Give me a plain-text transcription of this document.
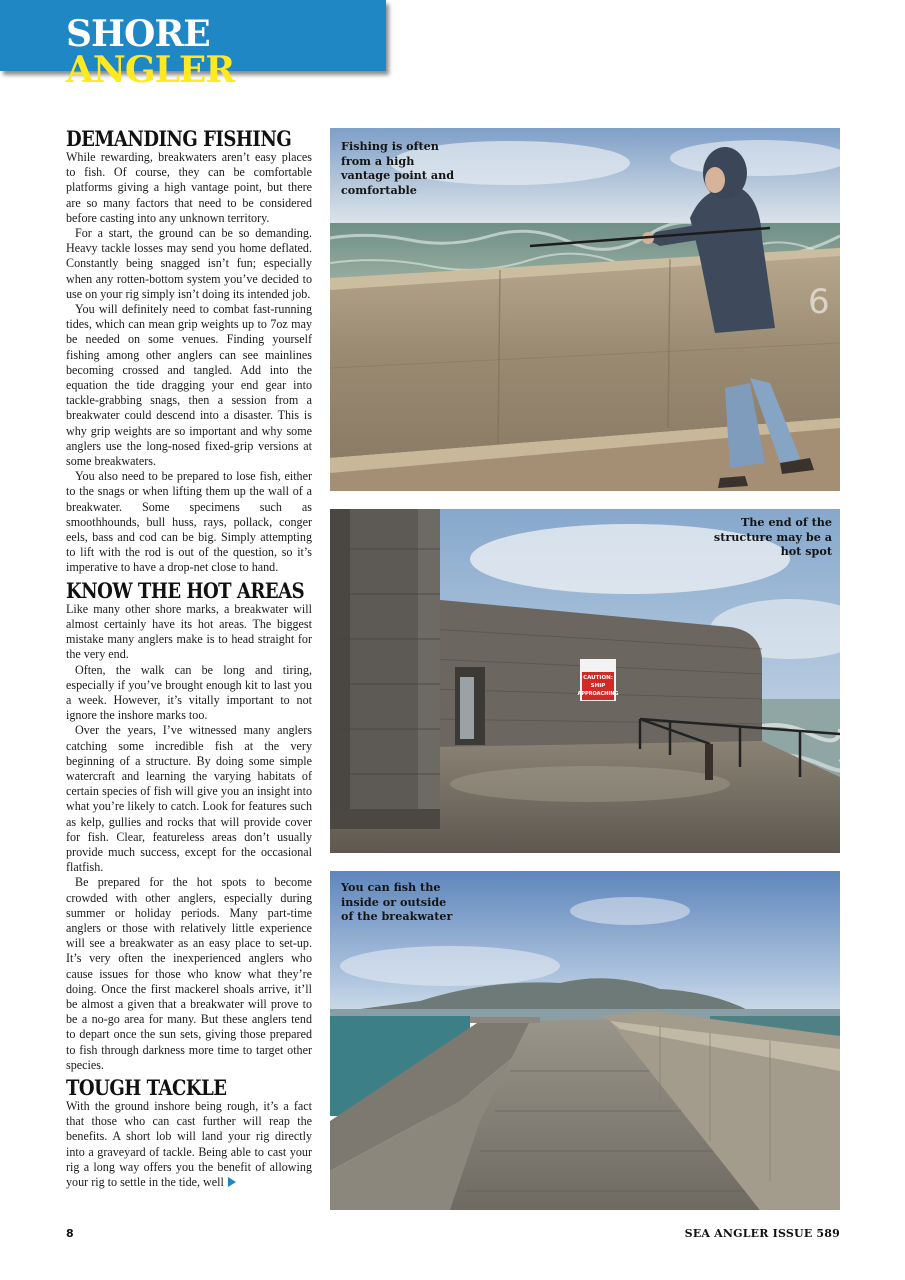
SHORE ANGLER
DEMANDING FISHING

While rewarding, breakwaters aren’t easy places to fish. Of course, they can be comfortable platforms giving a high vantage point, but there are so many factors that need to be considered before casting into any unknown territory.

For a start, the ground can be so demanding. Heavy tackle losses may send you home deflated. Constantly being snagged isn’t fun; especially when any rotten-bottom system you’ve decided to use on your rig simply isn’t doing its intended job.

You will definitely need to combat fast-running tides, which can mean grip weights up to 7oz may be needed on some venues. Finding yourself fishing among other anglers can see mainlines becoming crossed and tangled. Add into the equation the tide dragging your end gear into tackle-grabbing snags, then a session from a breakwater could descend into a disaster. This is why grip weights are so important and why some anglers use the long-nosed fixed-grip versions at some breakwaters.

You also need to be prepared to lose fish, either to the snags or when lifting them up the wall of a breakwater. Some specimens such as smoothhounds, bull huss, rays, pollack, conger eels, bass and cod can be big. Simply attempting to lift with the rod is out of the question, so it’s imperative to have a drop-net close to hand.

KNOW THE HOT AREAS

Like many other shore marks, a breakwater will almost certainly have its hot areas. The biggest mistake many anglers make is to head straight for the very end.

Often, the walk can be long and tiring, especially if you’ve brought enough kit to last you a week. However, it’s vitally important to not ignore the inshore marks too.

Over the years, I’ve witnessed many anglers catching some incredible fish at the very beginning of a structure. By doing some simple watercraft and learning the varying habitats of certain species of fish will give you an insight into what you’re likely to catch. Look for features such as kelp, gullies and rocks that will provide cover for fish. Clear, featureless areas don’t usually provide much success, except for the occasional flatfish.

Be prepared for the hot spots to become crowded with other anglers, especially during summer or holiday periods. Many part-time anglers or those with relatively little experience will see a breakwater as an easy place to set-up. It’s very often the inexperienced anglers who cause issues for those who know what they’re doing. Once the first mackerel shoals arrive, it’ll be almost a given that a breakwater will prove to be a no-go area for many. But these anglers tend to depart once the sun sets, giving those prepared to fish through darkness more time to target other species.

TOUGH TACKLE

With the ground inshore being rough, it’s a fact that those who can cast further will reap the benefits. A short lob will land your rig directly into a graveyard of tackle. Being able to cast your rig a long way offers you the benefit of allowing your rig to settle in the tide, well

6
Fishing is often from a high vantage point and comfortable
CAUTION:
SHIP
APPROACHING
The end of the structure may be a hot spot
You can fish the inside or outside of the breakwater
8	SEA ANGLER ISSUE 589
